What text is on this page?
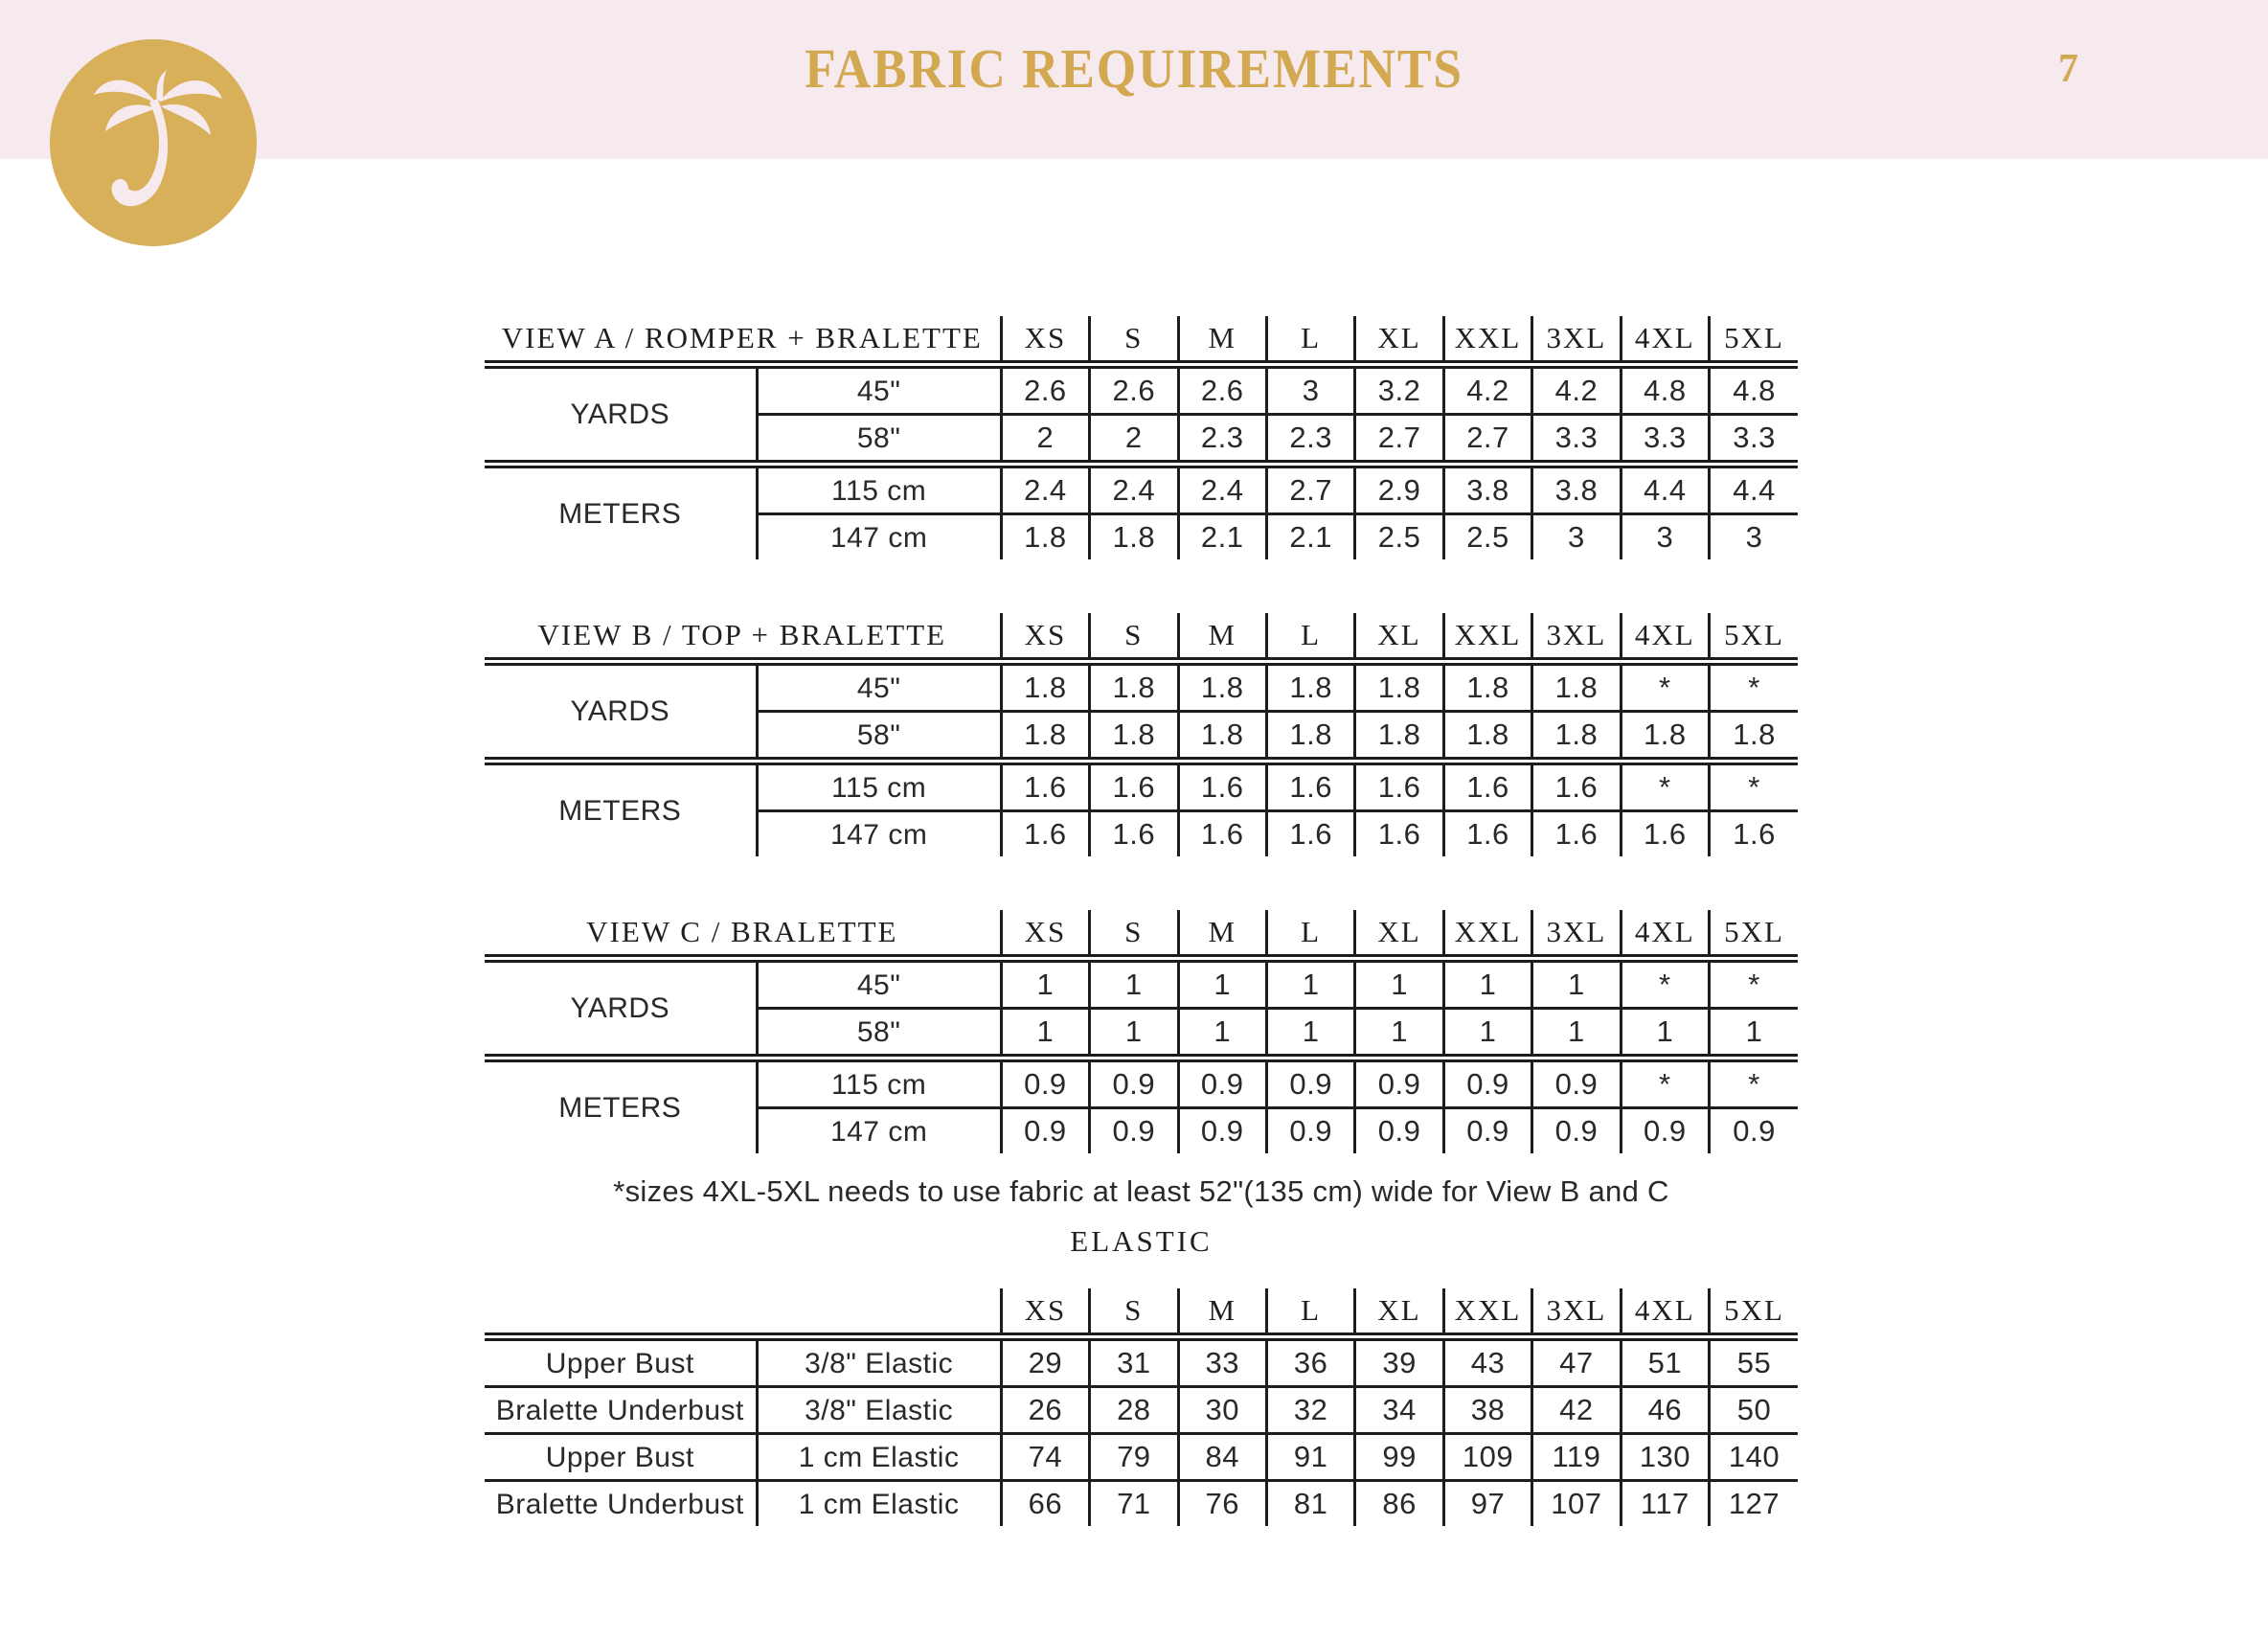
FABRIC REQUIREMENTS	7
VIEW A / ROMPER + BRALETTE		XS	S	M	L	XL	XXL	3XL	4XL	5XL
YARDS	45"	2.6	2.6	2.6	3	3.2	4.2	4.2	4.8	4.8
	58"	2	2	2.3	2.3	2.7	2.7	3.3	3.3	3.3
METERS	115 cm	2.4	2.4	2.4	2.7	2.9	3.8	3.8	4.4	4.4
	147 cm	1.8	1.8	2.1	2.1	2.5	2.5	3	3	3
VIEW B / TOP + BRALETTE		XS	S	M	L	XL	XXL	3XL	4XL	5XL
YARDS	45"	1.8	1.8	1.8	1.8	1.8	1.8	1.8	*	*
	58"	1.8	1.8	1.8	1.8	1.8	1.8	1.8	1.8	1.8
METERS	115 cm	1.6	1.6	1.6	1.6	1.6	1.6	1.6	*	*
	147 cm	1.6	1.6	1.6	1.6	1.6	1.6	1.6	1.6	1.6
VIEW C / BRALETTE		XS	S	M	L	XL	XXL	3XL	4XL	5XL
YARDS	45"	1	1	1	1	1	1	1	*	*
	58"	1	1	1	1	1	1	1	1	1
METERS	115 cm	0.9	0.9	0.9	0.9	0.9	0.9	0.9	*	*
	147 cm	0.9	0.9	0.9	0.9	0.9	0.9	0.9	0.9	0.9
		XS	S	M	L	XL	XXL	3XL	4XL	5XL
Upper Bust	3/8" Elastic	29	31	33	36	39	43	47	51	55
Bralette Underbust	3/8" Elastic	26	28	30	32	34	38	42	46	50
Upper Bust	1 cm Elastic	74	79	84	91	99	109	119	130	140
Bralette Underbust	1 cm Elastic	66	71	76	81	86	97	107	117	127
*sizes 4XL-5XL needs to use fabric at least 52"(135 cm) wide for View B and C
ELASTIC
